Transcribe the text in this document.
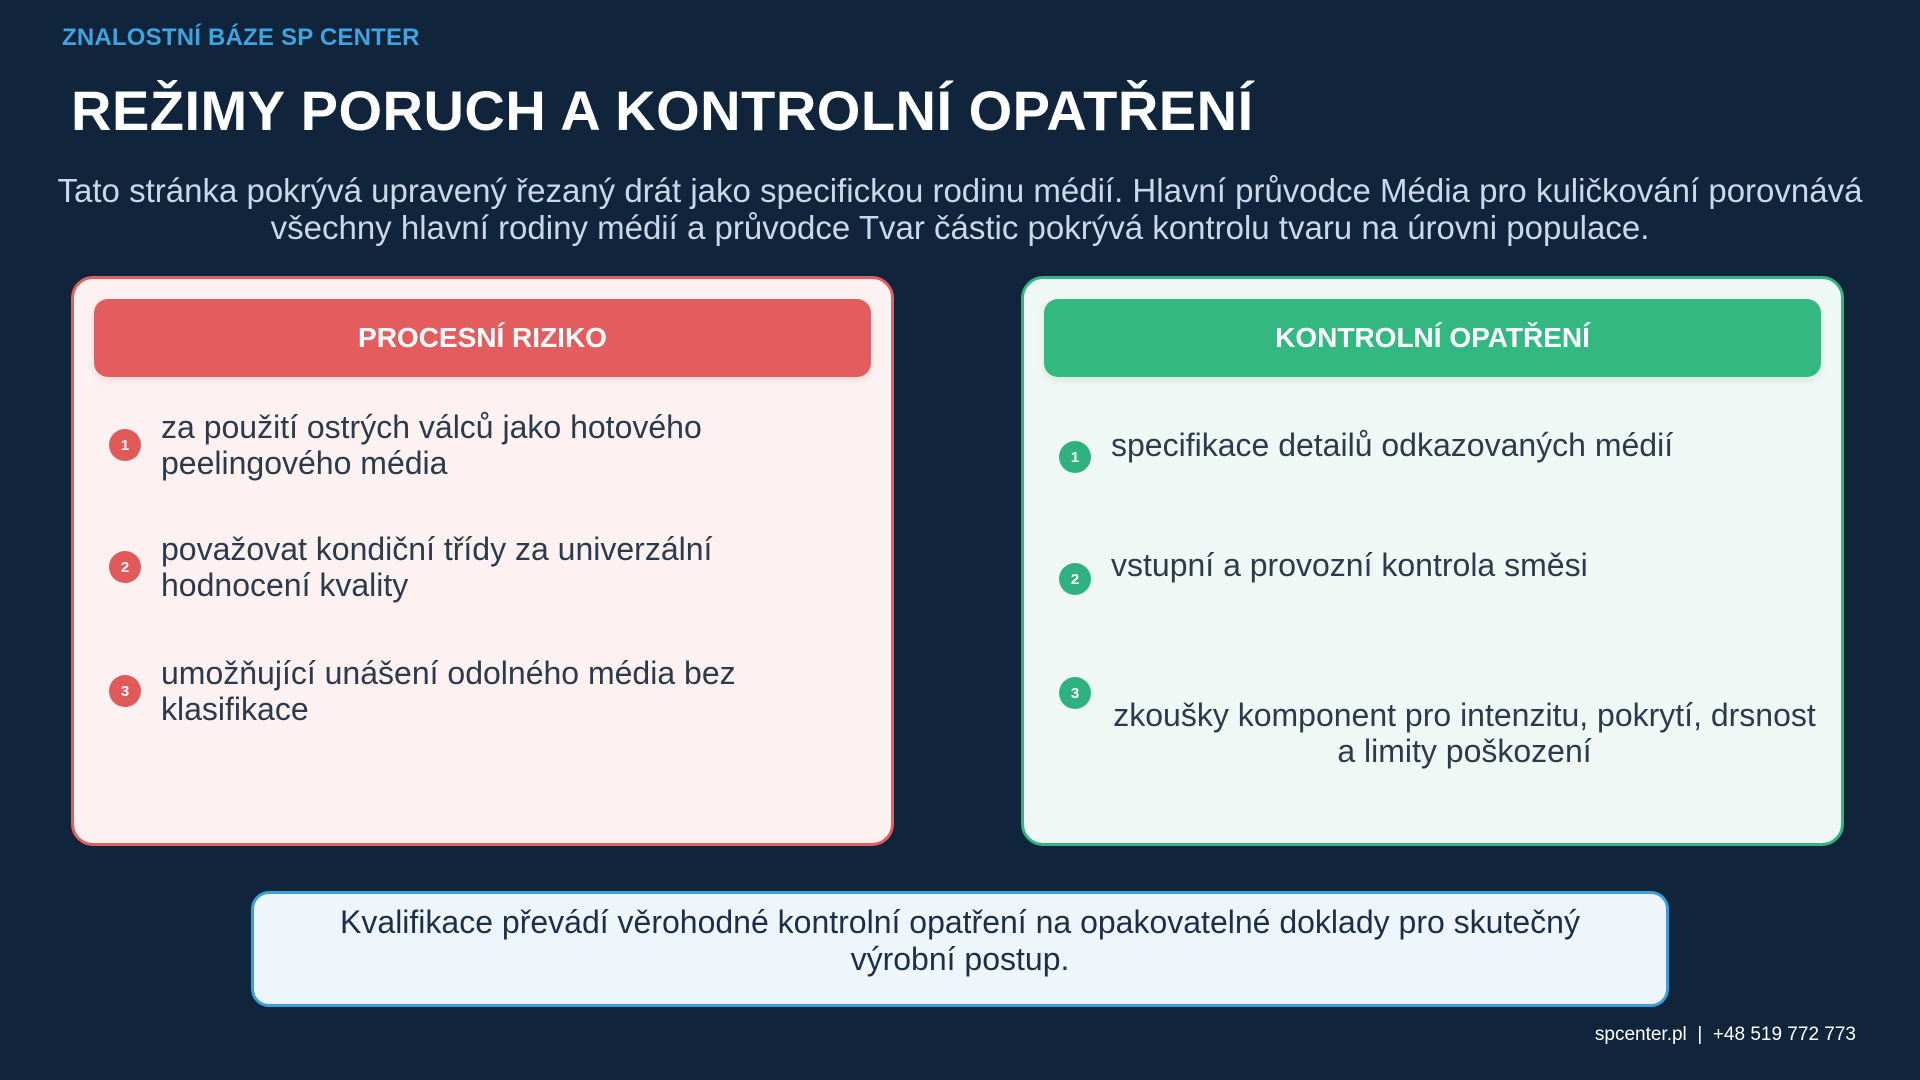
ZNALOSTNÍ BÁZE SP CENTER
REŽIMY PORUCH A KONTROLNÍ OPATŘENÍ
Tato stránka pokrývá upravený řezaný drát jako specifickou rodinu médií. Hlavní průvodce Média pro kuličkování porovnává všechny hlavní rodiny médií a průvodce Tvar částic pokrývá kontrolu tvaru na úrovni populace.
PROCESNÍ RIZIKO
1 za použití ostrých válců jako hotového peelingového média
2 považovat kondiční třídy za univerzální hodnocení kvality
3 umožňující unášení odolného média bez klasifikace
KONTROLNÍ OPATŘENÍ
1 specifikace detailů odkazovaných médií
2 vstupní a provozní kontrola směsi
3
zkoušky komponent pro intenzitu, pokrytí, drsnost a limity poškození
Kvalifikace převádí věrohodné kontrolní opatření na opakovatelné doklady pro skutečný výrobní postup.
spcenter.pl  |  +48 519 772 773
